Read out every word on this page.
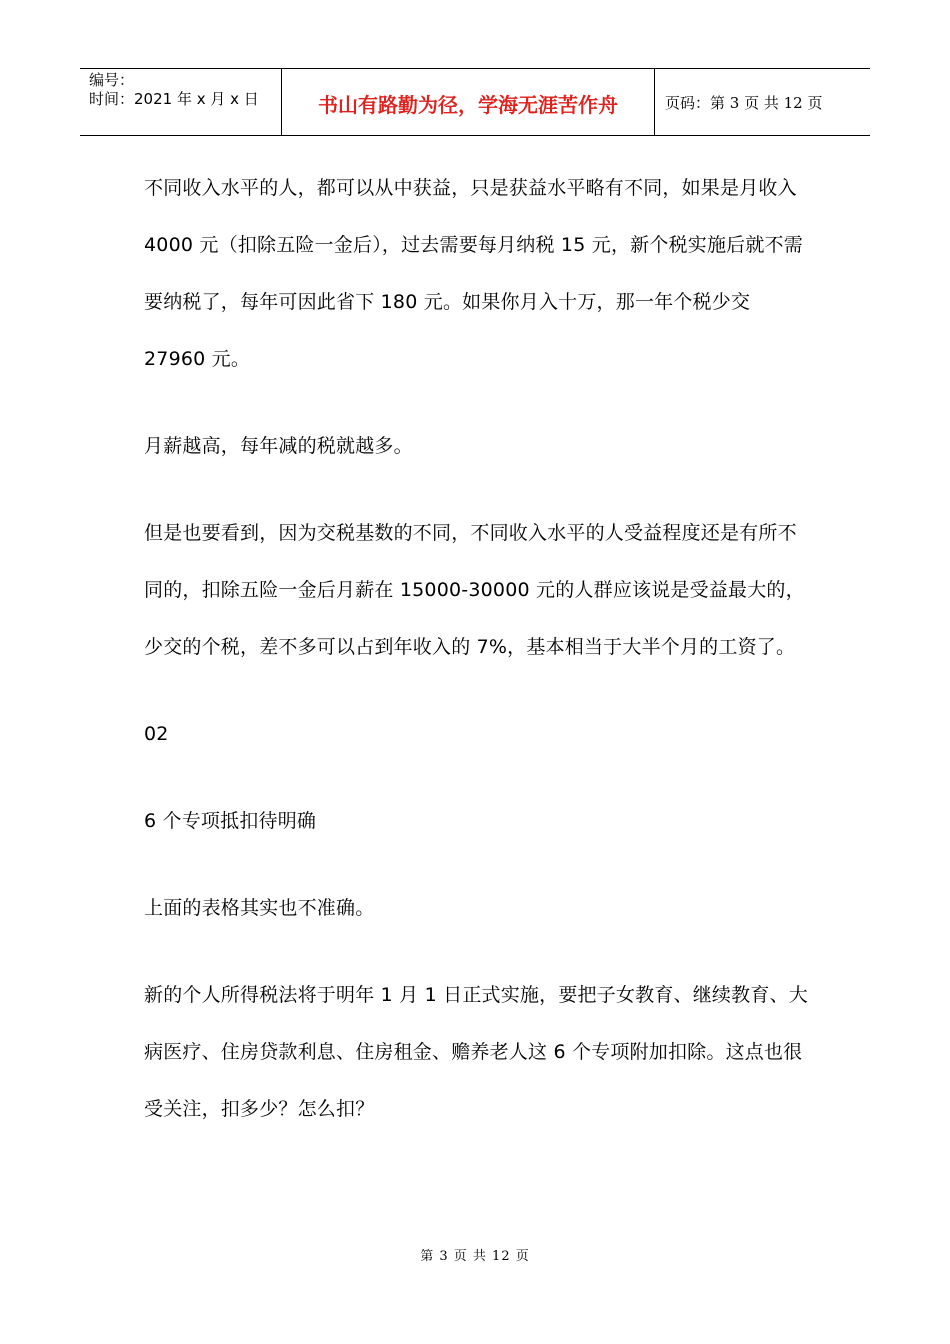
编号：
时间：2021 年 x 月 x 日	书山有路勤为径，学海无涯苦作舟	页码：第 3 页 共 12 页

不同收入水平的人，都可以从中获益，只是获益水平略有不同，如果是月收入 4000 元（扣除五险一金后），过去需要每月纳税 15 元，新个税实施后就不需要纳税了，每年可因此省下 180 元。如果你月入十万，那一年个税少交 27960 元。

月薪越高，每年减的税就越多。

但是也要看到，因为交税基数的不同，不同收入水平的人受益程度还是有所不同的，扣除五险一金后月薪在 15000-30000 元的人群应该说是受益最大的，少交的个税，差不多可以占到年收入的 7%，基本相当于大半个月的工资了。

02

6 个专项抵扣待明确

上面的表格其实也不准确。

新的个人所得税法将于明年 1 月 1 日正式实施，要把子女教育、继续教育、大病医疗、住房贷款利息、住房租金、赡养老人这 6 个专项附加扣除。这点也很受关注，扣多少？怎么扣？

第 3 页 共 12 页
